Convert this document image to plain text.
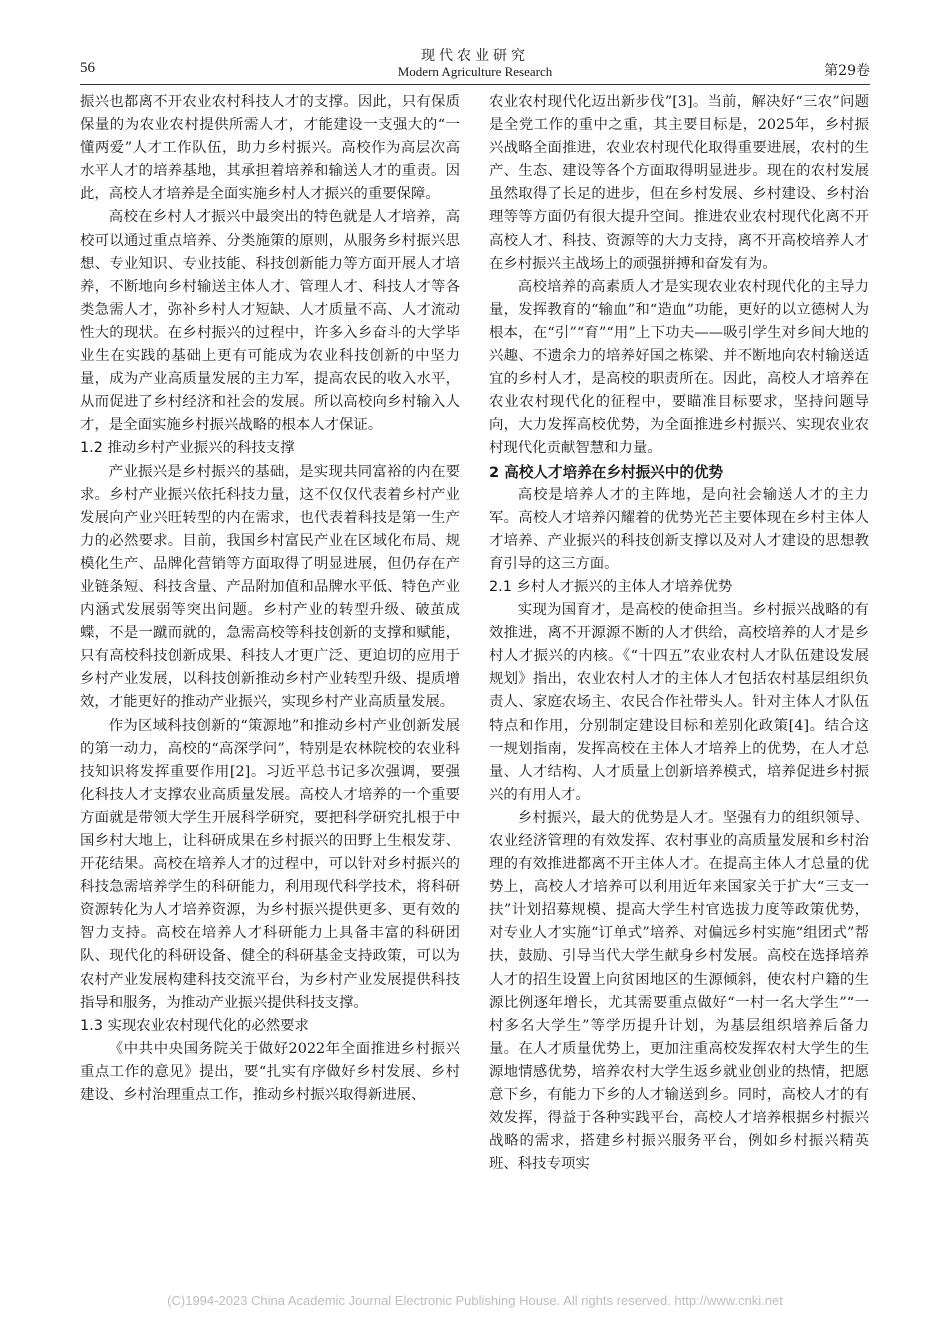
56
现代农业研究
Modern Agriculture Research	第29卷

振兴也都离不开农业农村科技人才的支撑。因此，只有保质保量的为农业农村提供所需人才，才能建设一支强大的“一懂两爱”人才工作队伍，助力乡村振兴。高校作为高层次高水平人才的培养基地，其承担着培养和输送人才的重责。因此，高校人才培养是全面实施乡村人才振兴的重要保障。

高校在乡村人才振兴中最突出的特色就是人才培养，高校可以通过重点培养、分类施策的原则，从服务乡村振兴思想、专业知识、专业技能、科技创新能力等方面开展人才培养，不断地向乡村输送主体人才、管理人才、科技人才等各类急需人才，弥补乡村人才短缺、人才质量不高、人才流动性大的现状。在乡村振兴的过程中，许多入乡奋斗的大学毕业生在实践的基础上更有可能成为农业科技创新的中坚力量，成为产业高质量发展的主力军，提高农民的收入水平，从而促进了乡村经济和社会的发展。所以高校向乡村输入人才，是全面实施乡村振兴战略的根本人才保证。

1.2 推动乡村产业振兴的科技支撑

产业振兴是乡村振兴的基础，是实现共同富裕的内在要求。乡村产业振兴依托科技力量，这不仅仅代表着乡村产业发展向产业兴旺转型的内在需求，也代表着科技是第一生产力的必然要求。目前，我国乡村富民产业在区域化布局、规模化生产、品牌化营销等方面取得了明显进展，但仍存在产业链条短、科技含量、产品附加值和品牌水平低、特色产业内涵式发展弱等突出问题。乡村产业的转型升级、破茧成蝶，不是一蹴而就的，急需高校等科技创新的支撑和赋能，只有高校科技创新成果、科技人才更广泛、更迫切的应用于乡村产业发展，以科技创新推动乡村产业转型升级、提质增效，才能更好的推动产业振兴，实现乡村产业高质量发展。

作为区域科技创新的“策源地”和推动乡村产业创新发展的第一动力，高校的“高深学问”，特别是农林院校的农业科技知识将发挥重要作用[2]。习近平总书记多次强调，要强化科技人才支撑农业高质量发展。高校人才培养的一个重要方面就是带领大学生开展科学研究，要把科学研究扎根于中国乡村大地上，让科研成果在乡村振兴的田野上生根发芽、开花结果。高校在培养人才的过程中，可以针对乡村振兴的科技急需培养学生的科研能力，利用现代科学技术，将科研资源转化为人才培养资源，为乡村振兴提供更多、更有效的智力支持。高校在培养人才科研能力上具备丰富的科研团队、现代化的科研设备、健全的科研基金支持政策，可以为农村产业发展构建科技交流平台，为乡村产业发展提供科技指导和服务，为推动产业振兴提供科技支撑。

1.3 实现农业农村现代化的必然要求

《中共中央国务院关于做好2022年全面推进乡村振兴重点工作的意见》提出，要“扎实有序做好乡村发展、乡村建设、乡村治理重点工作，推动乡村振兴取得新进展、

农业农村现代化迈出新步伐”[3]。当前，解决好“三农”问题是全党工作的重中之重，其主要目标是，2025年，乡村振兴战略全面推进，农业农村现代化取得重要进展，农村的生产、生态、建设等各个方面取得明显进步。现在的农村发展虽然取得了长足的进步，但在乡村发展、乡村建设、乡村治理等等方面仍有很大提升空间。推进农业农村现代化离不开高校人才、科技、资源等的大力支持，离不开高校培养人才在乡村振兴主战场上的顽强拼搏和奋发有为。

高校培养的高素质人才是实现农业农村现代化的主导力量，发挥教育的“输血”和“造血”功能，更好的以立德树人为根本，在“引”“育”“用”上下功夫——吸引学生对乡间大地的兴趣、不遗余力的培养好国之栋梁、并不断地向农村输送适宜的乡村人才，是高校的职责所在。因此，高校人才培养在农业农村现代化的征程中，要瞄准目标要求，坚持问题导向，大力发挥高校优势，为全面推进乡村振兴、实现农业农村现代化贡献智慧和力量。

2 高校人才培养在乡村振兴中的优势

高校是培养人才的主阵地，是向社会输送人才的主力军。高校人才培养闪耀着的优势光芒主要体现在乡村主体人才培养、产业振兴的科技创新支撑以及对人才建设的思想教育引导的这三方面。

2.1 乡村人才振兴的主体人才培养优势

实现为国育才，是高校的使命担当。乡村振兴战略的有效推进，离不开源源不断的人才供给，高校培养的人才是乡村人才振兴的内核。《“十四五”农业农村人才队伍建设发展规划》指出，农业农村人才的主体人才包括农村基层组织负责人、家庭农场主、农民合作社带头人。针对主体人才队伍特点和作用，分别制定建设目标和差别化政策[4]。结合这一规划指南，发挥高校在主体人才培养上的优势，在人才总量、人才结构、人才质量上创新培养模式，培养促进乡村振兴的有用人才。

乡村振兴，最大的优势是人才。坚强有力的组织领导、农业经济管理的有效发挥、农村事业的高质量发展和乡村治理的有效推进都离不开主体人才。在提高主体人才总量的优势上，高校人才培养可以利用近年来国家关于扩大“三支一扶”计划招募规模、提高大学生村官选拔力度等政策优势，对专业人才实施“订单式”培养、对偏远乡村实施“组团式”帮扶，鼓励、引导当代大学生献身乡村发展。高校在选择培养人才的招生设置上向贫困地区的生源倾斜，使农村户籍的生源比例逐年增长，尤其需要重点做好“一村一名大学生”“一村多名大学生”等学历提升计划，为基层组织培养后备力量。在人才质量优势上，更加注重高校发挥农村大学生的生源地情感优势，培养农村大学生返乡就业创业的热情，把愿意下乡，有能力下乡的人才输送到乡。同时，高校人才的有效发挥，得益于各种实践平台，高校人才培养根据乡村振兴战略的需求，搭建乡村振兴服务平台，例如乡村振兴精英班、科技专项实

(C)1994-2023 China Academic Journal Electronic Publishing House. All rights reserved. http://www.cnki.net
